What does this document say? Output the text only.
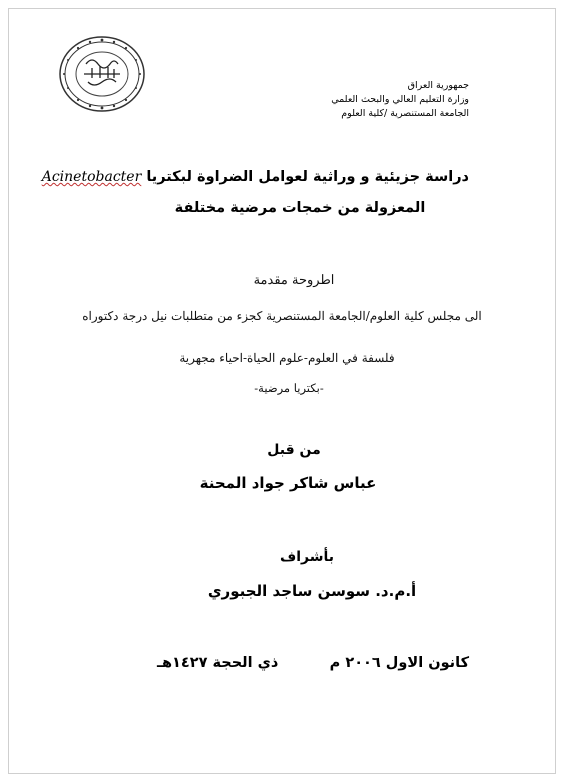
جمهورية العراق
وزارة التعليم العالي والبحث العلمي
الجامعة المستنصرية /كلية العلوم
دراسة جزيئية و وراثية لعوامل الضراوة لبكتريا Acinetobacter
المعزولة من خمجات مرضية مختلفة
اطروحة مقدمة
الى مجلس كلية العلوم/الجامعة المستنصرية كجزء من متطلبات نيل درجة دكتوراه
فلسفة في العلوم-علوم الحياة-احياء مجهرية
-بكتريا مرضية-
من قبل
عباس شاكر جواد المحنة
بأشراف
أ.م.د. سوسن ساجد الجبوري
كانون الاول ٢٠٠٦ م
ذي الحجة ١٤٢٧هـ
